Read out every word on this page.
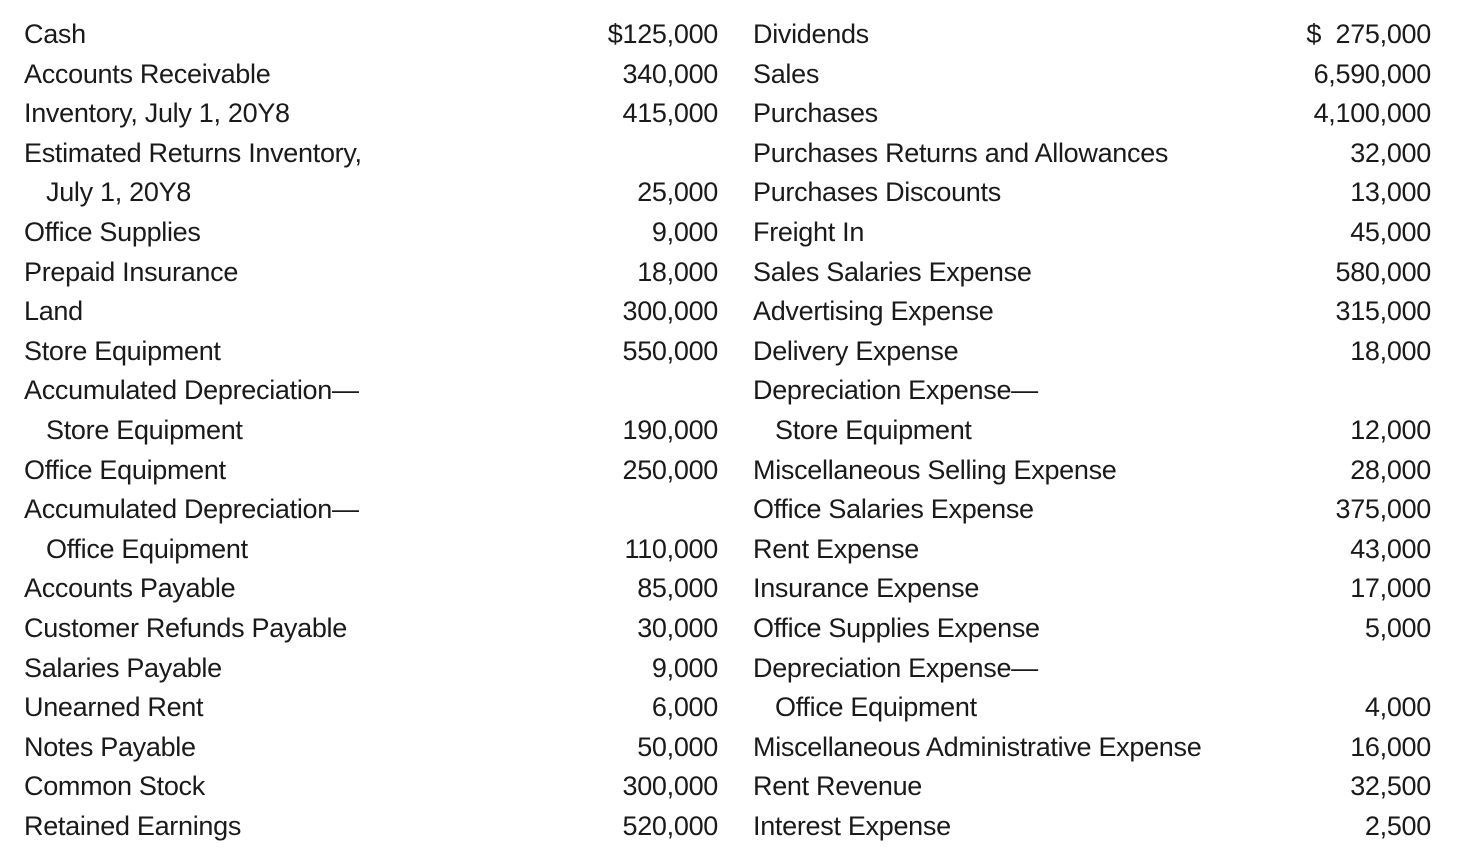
Cash	$125,000
Accounts Receivable	340,000
Inventory, July 1, 20Y8	415,000
Estimated Returns Inventory,
July 1, 20Y8	25,000
Office Supplies	9,000
Prepaid Insurance	18,000
Land	300,000
Store Equipment	550,000
Accumulated Depreciation—
Store Equipment	190,000
Office Equipment	250,000
Accumulated Depreciation—
Office Equipment	110,000
Accounts Payable	85,000
Customer Refunds Payable	30,000
Salaries Payable	9,000
Unearned Rent	6,000
Notes Payable	50,000
Common Stock	300,000
Retained Earnings	520,000
Dividends	$  275,000
Sales	6,590,000
Purchases	4,100,000
Purchases Returns and Allowances	32,000
Purchases Discounts	13,000
Freight In	45,000
Sales Salaries Expense	580,000
Advertising Expense	315,000
Delivery Expense	18,000
Depreciation Expense—
Store Equipment	12,000
Miscellaneous Selling Expense	28,000
Office Salaries Expense	375,000
Rent Expense	43,000
Insurance Expense	17,000
Office Supplies Expense	5,000
Depreciation Expense—
Office Equipment	4,000
Miscellaneous Administrative Expense	16,000
Rent Revenue	32,500
Interest Expense	2,500
